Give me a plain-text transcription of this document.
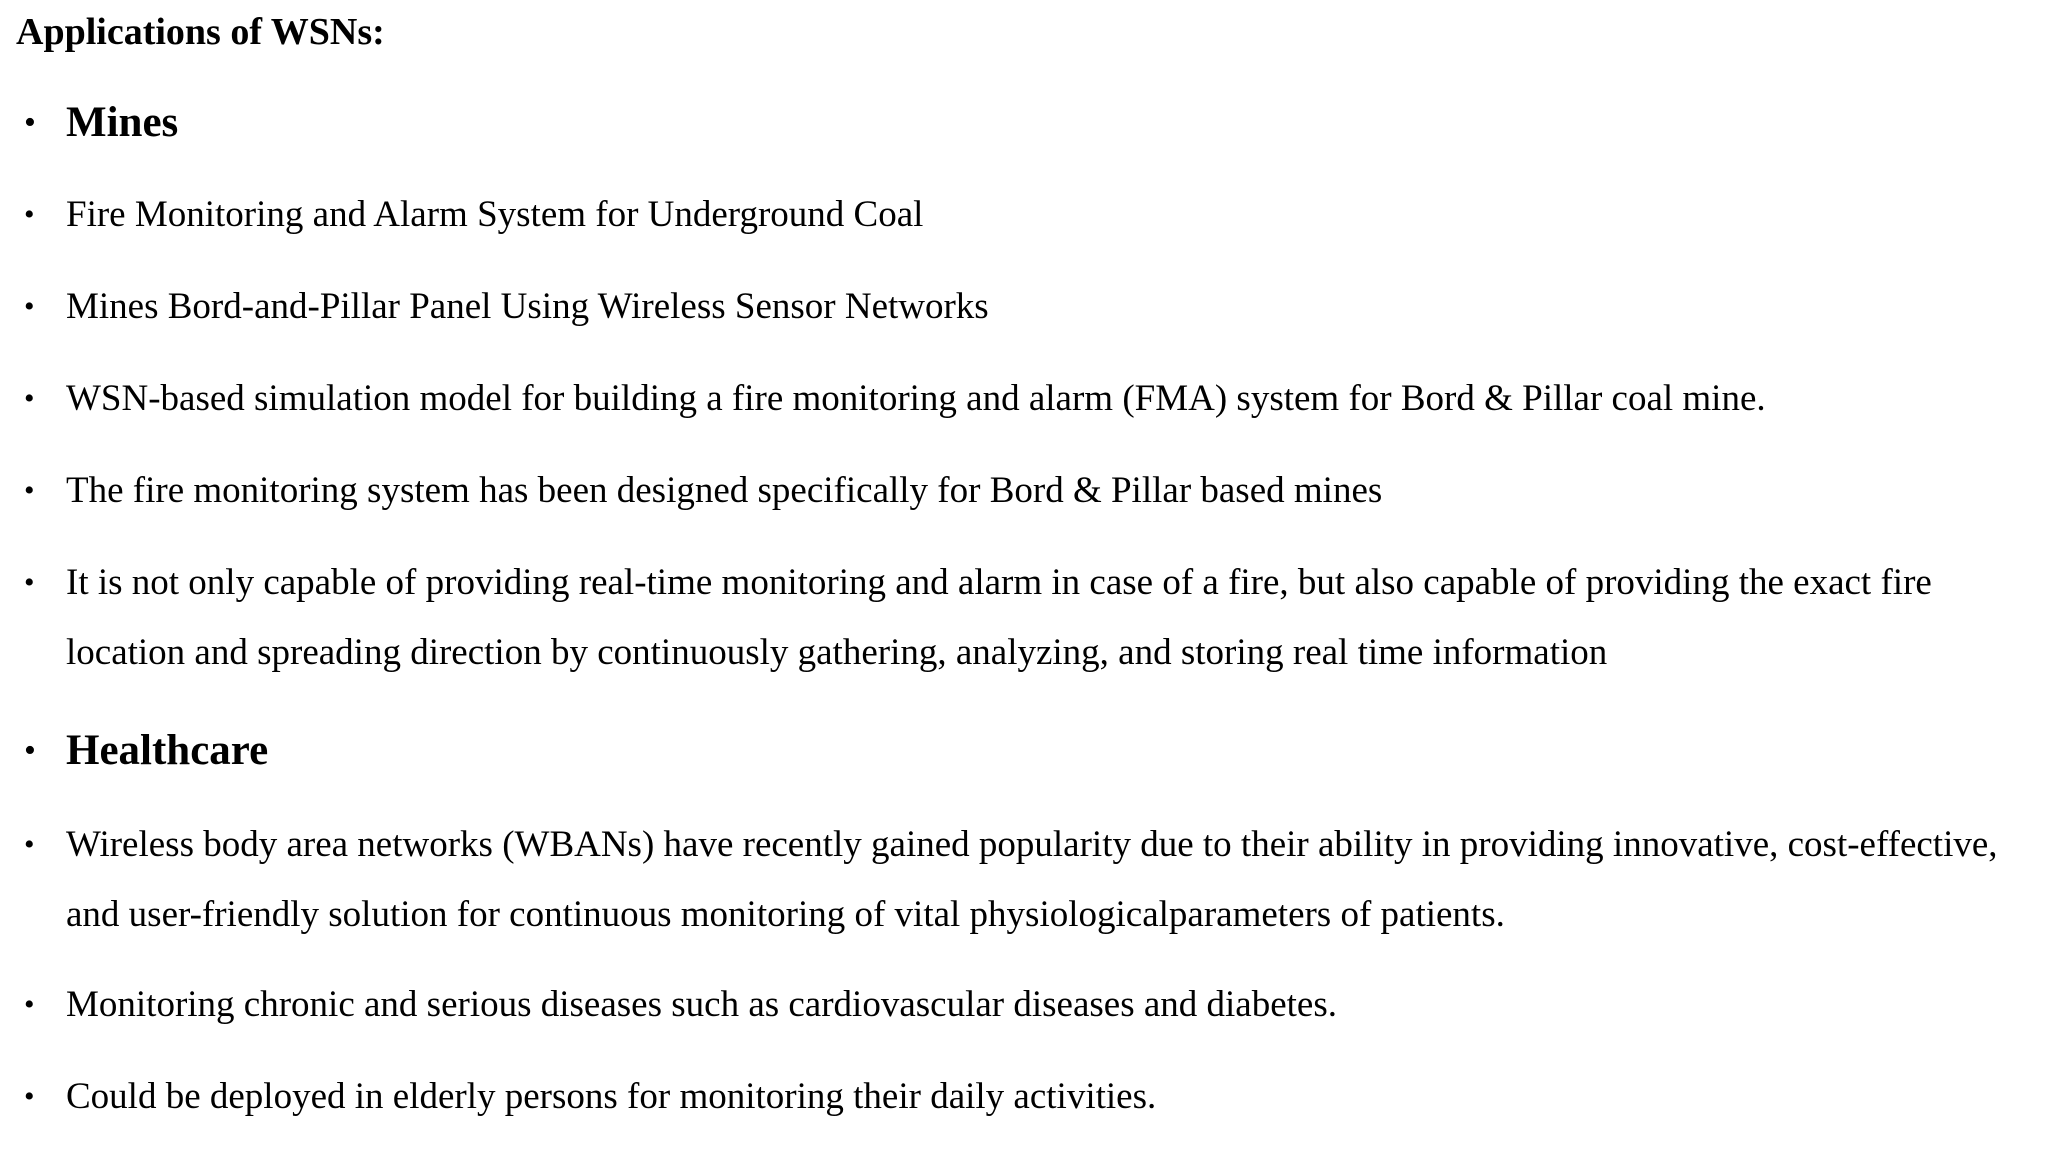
Applications of WSNs:
• Mines
• Fire Monitoring and Alarm System for Underground Coal
• Mines Bord-and-Pillar Panel Using Wireless Sensor Networks
• WSN-based simulation model for building a fire monitoring and alarm (FMA) system for Bord & Pillar coal mine.
• The fire monitoring system has been designed specifically for Bord & Pillar based mines
• It is not only capable of providing real-time monitoring and alarm in case of a fire, but also capable of providing the exact fire location and spreading direction by continuously gathering, analyzing, and storing real time information
• Healthcare
• Wireless body area networks (WBANs) have recently gained popularity due to their ability in providing innovative, cost-effective, and user-friendly solution for continuous monitoring of vital physiologicalparameters of patients.
• Monitoring chronic and serious diseases such as cardiovascular diseases and diabetes.
• Could be deployed in elderly persons for monitoring their daily activities.
